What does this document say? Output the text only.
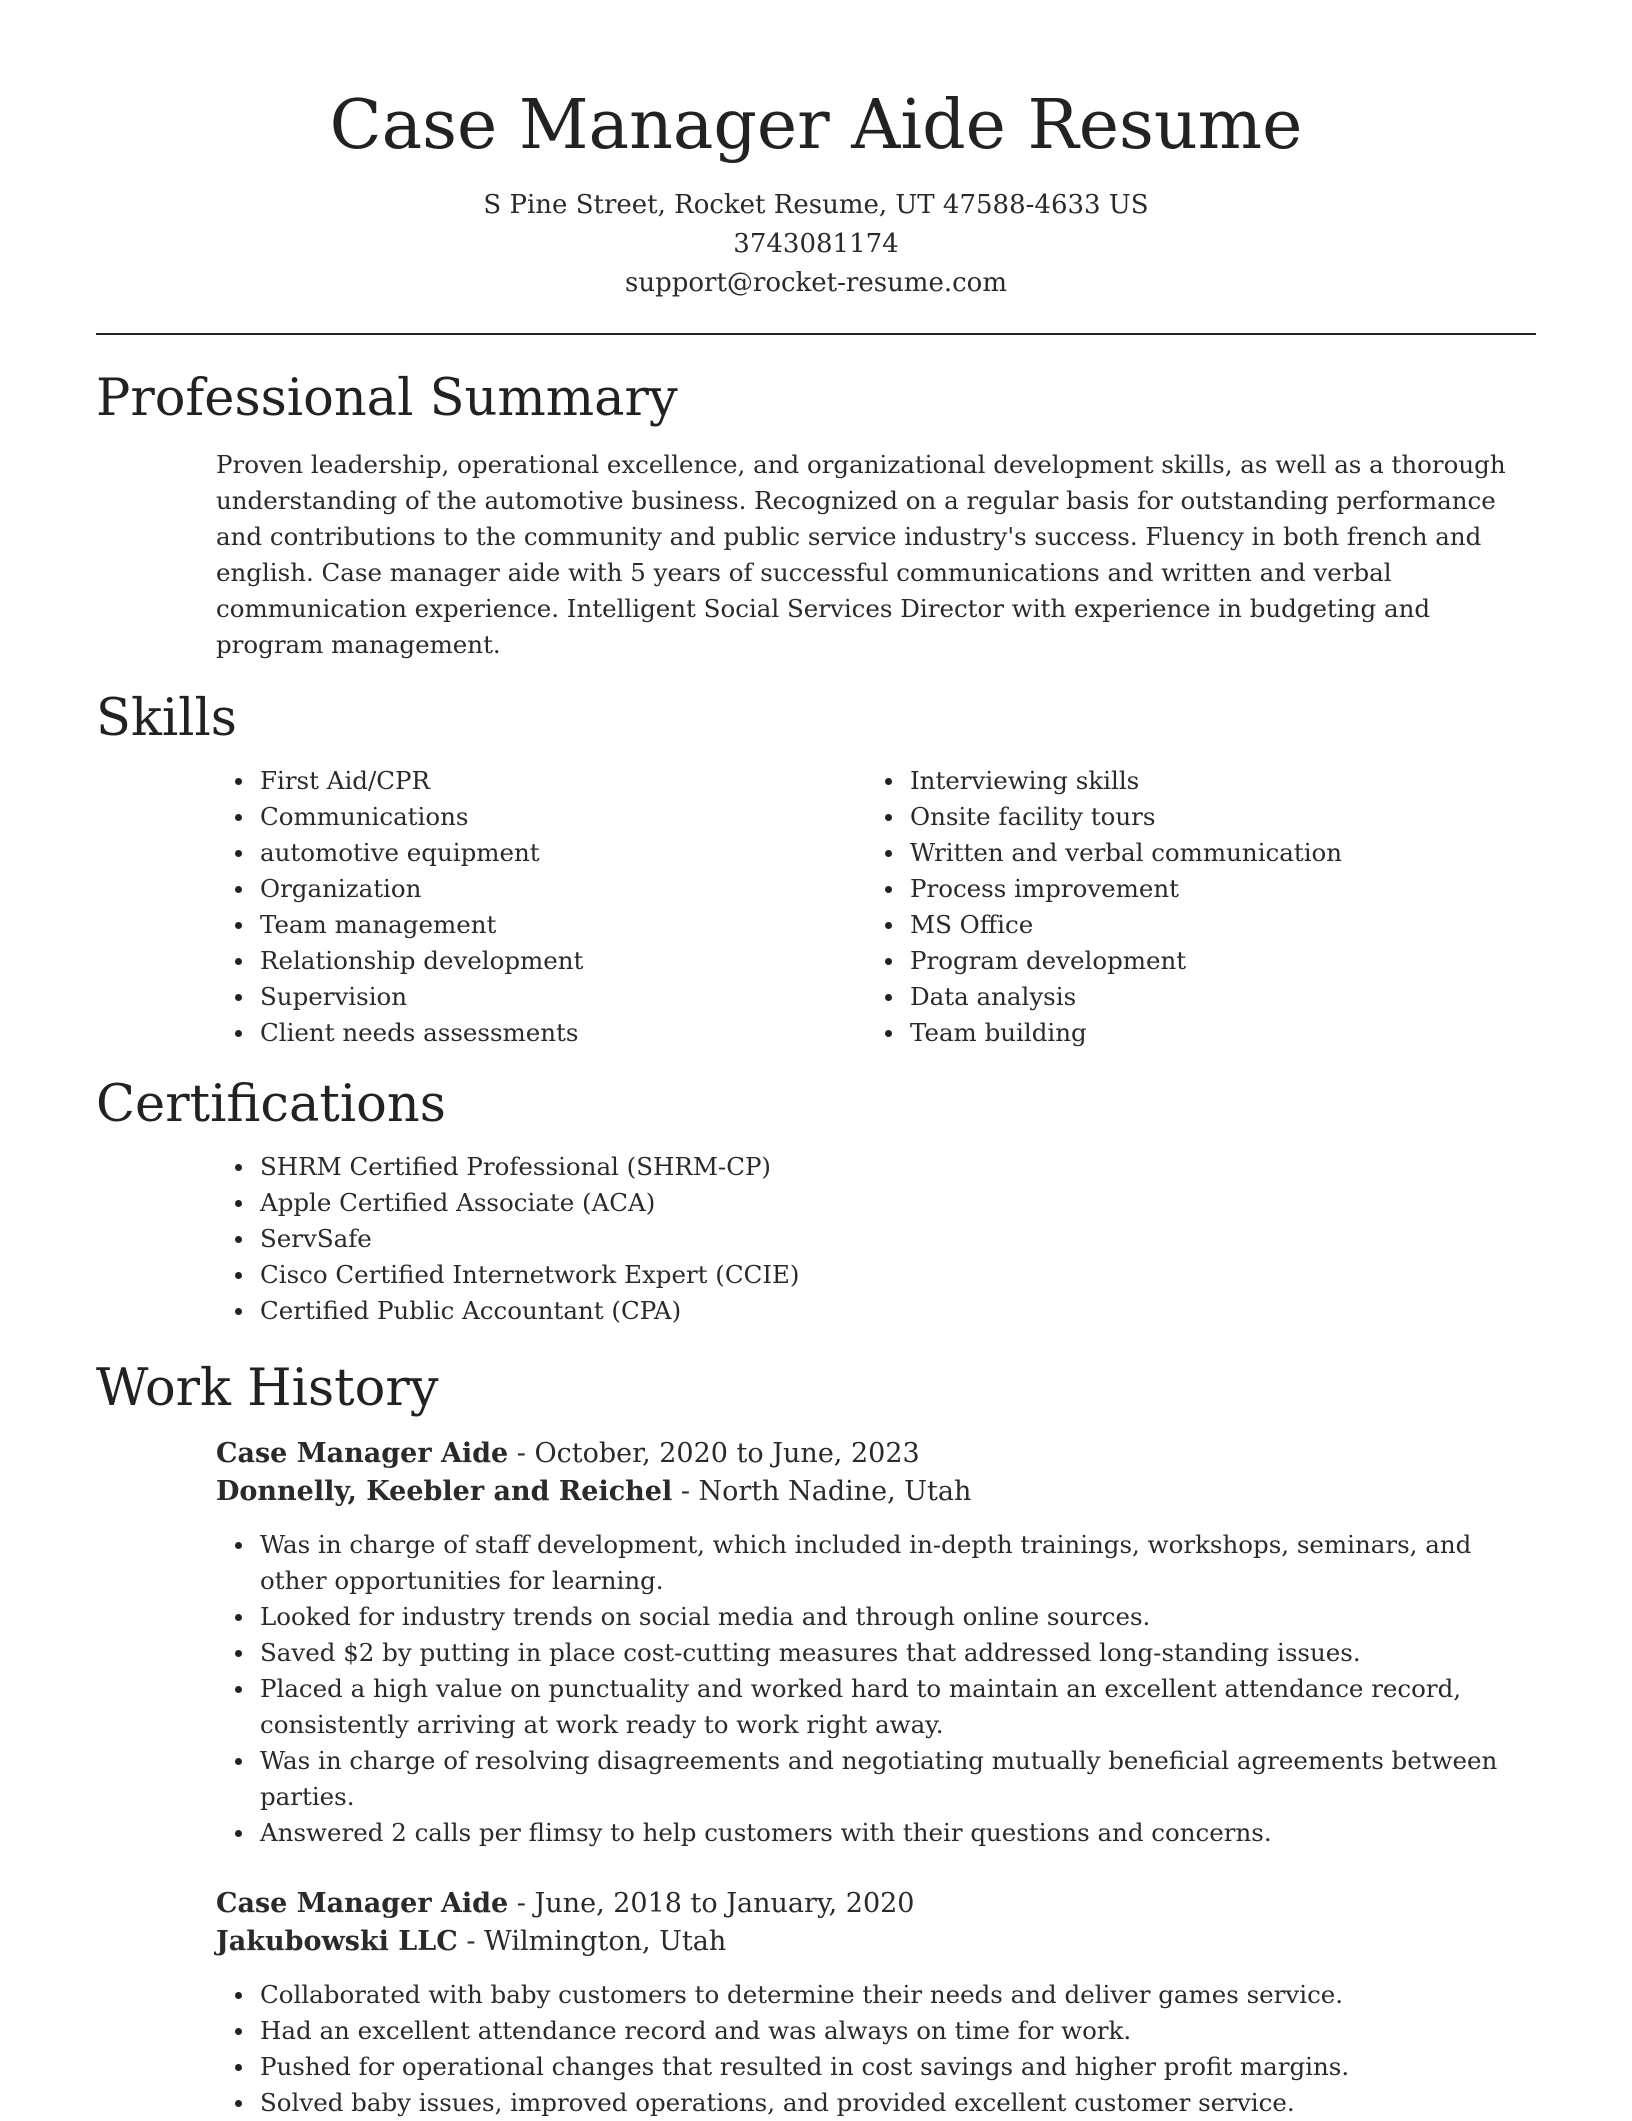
Case Manager Aide Resume
S Pine Street, Rocket Resume, UT 47588-4633 US
3743081174
support@rocket-resume.com
Professional Summary

Proven leadership, operational excellence, and organizational development skills, as well as a thorough understanding of the automotive business. Recognized on a regular basis for outstanding performance and contributions to the community and public service industry's success. Fluency in both french and english. Case manager aide with 5 years of successful communications and written and verbal communication experience. Intelligent Social Services Director with experience in budgeting and program management.

Skills
First Aid/CPR
Communications
automotive equipment
Organization
Team management
Relationship development
Supervision
Client needs assessments
Interviewing skills
Onsite facility tours
Written and verbal communication
Process improvement
MS Office
Program development
Data analysis
Team building
Certifications
SHRM Certified Professional (SHRM-CP)
Apple Certified Associate (ACA)
ServSafe
Cisco Certified Internetwork Expert (CCIE)
Certified Public Accountant (CPA)
Work History
Case Manager Aide - October, 2020 to June, 2023
Donnelly, Keebler and Reichel - North Nadine, Utah
Was in charge of staff development, which included in-depth trainings, workshops, seminars, and other opportunities for learning.
Looked for industry trends on social media and through online sources.
Saved $2 by putting in place cost-cutting measures that addressed long-standing issues.
Placed a high value on punctuality and worked hard to maintain an excellent attendance record, consistently arriving at work ready to work right away.
Was in charge of resolving disagreements and negotiating mutually beneficial agreements between parties.
Answered 2 calls per flimsy to help customers with their questions and concerns.
Case Manager Aide - June, 2018 to January, 2020
Jakubowski LLC - Wilmington, Utah
Collaborated with baby customers to determine their needs and deliver games service.
Had an excellent attendance record and was always on time for work.
Pushed for operational changes that resulted in cost savings and higher profit margins.
Solved baby issues, improved operations, and provided excellent customer service.
